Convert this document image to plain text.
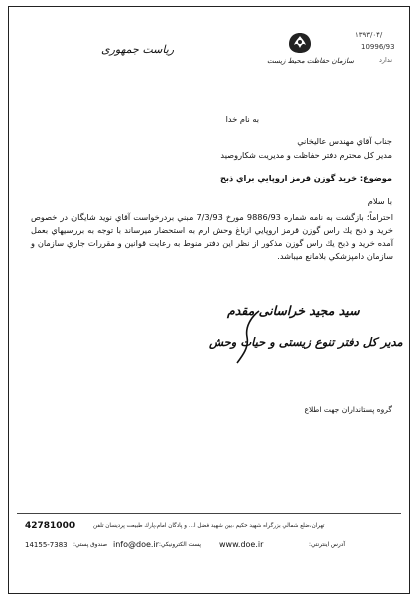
ریاست جمهوری
سازمان حفاظت محیط زیست
۱۳۹۳/۰۴/
10996/93
ندارد
به نام خدا
جناب آقاي مهندس عاليخاني
مدير كل محترم دفتر حفاظت و مديريت شكاروصيد
موضوع: خريد گوزن قرمز اروپايي براي ذبح
با سلام
احتراماً؛ بازگشت به نامه شماره 9886/93 مورخ 7/3/93 مبني بردرخواست آقاي نويد شايگان در خصوص خريد و ذبح يك راس گوزن قرمز اروپايي ازباغ وحش ارم به استحضار ميرساند با توجه به بررسيهاي بعمل آمده خريد و ذبح يك راس گوزن مذكور از نظر اين دفتر منوط به رعايت قوانين و مقررات جاري سازمان و سازمان دامپزشكي بلامانع ميباشد.
سید مجید خراسانی مقدم
مدیر کل دفتر تنوع زیستی و حیات وحش
گروه پستانداران جهت اطلاع
42781000	تهران،ضلع شمالي بزرگراه شهيد حكيم ،بين شهيد فضل ا... و پادگان امام،پارك طبيعت پرديسان تلفن
14155-7383 صندوق پستي: info@doe.ir پست الكترونيكي: www.doe.ir	آدرس اينترنتي:
